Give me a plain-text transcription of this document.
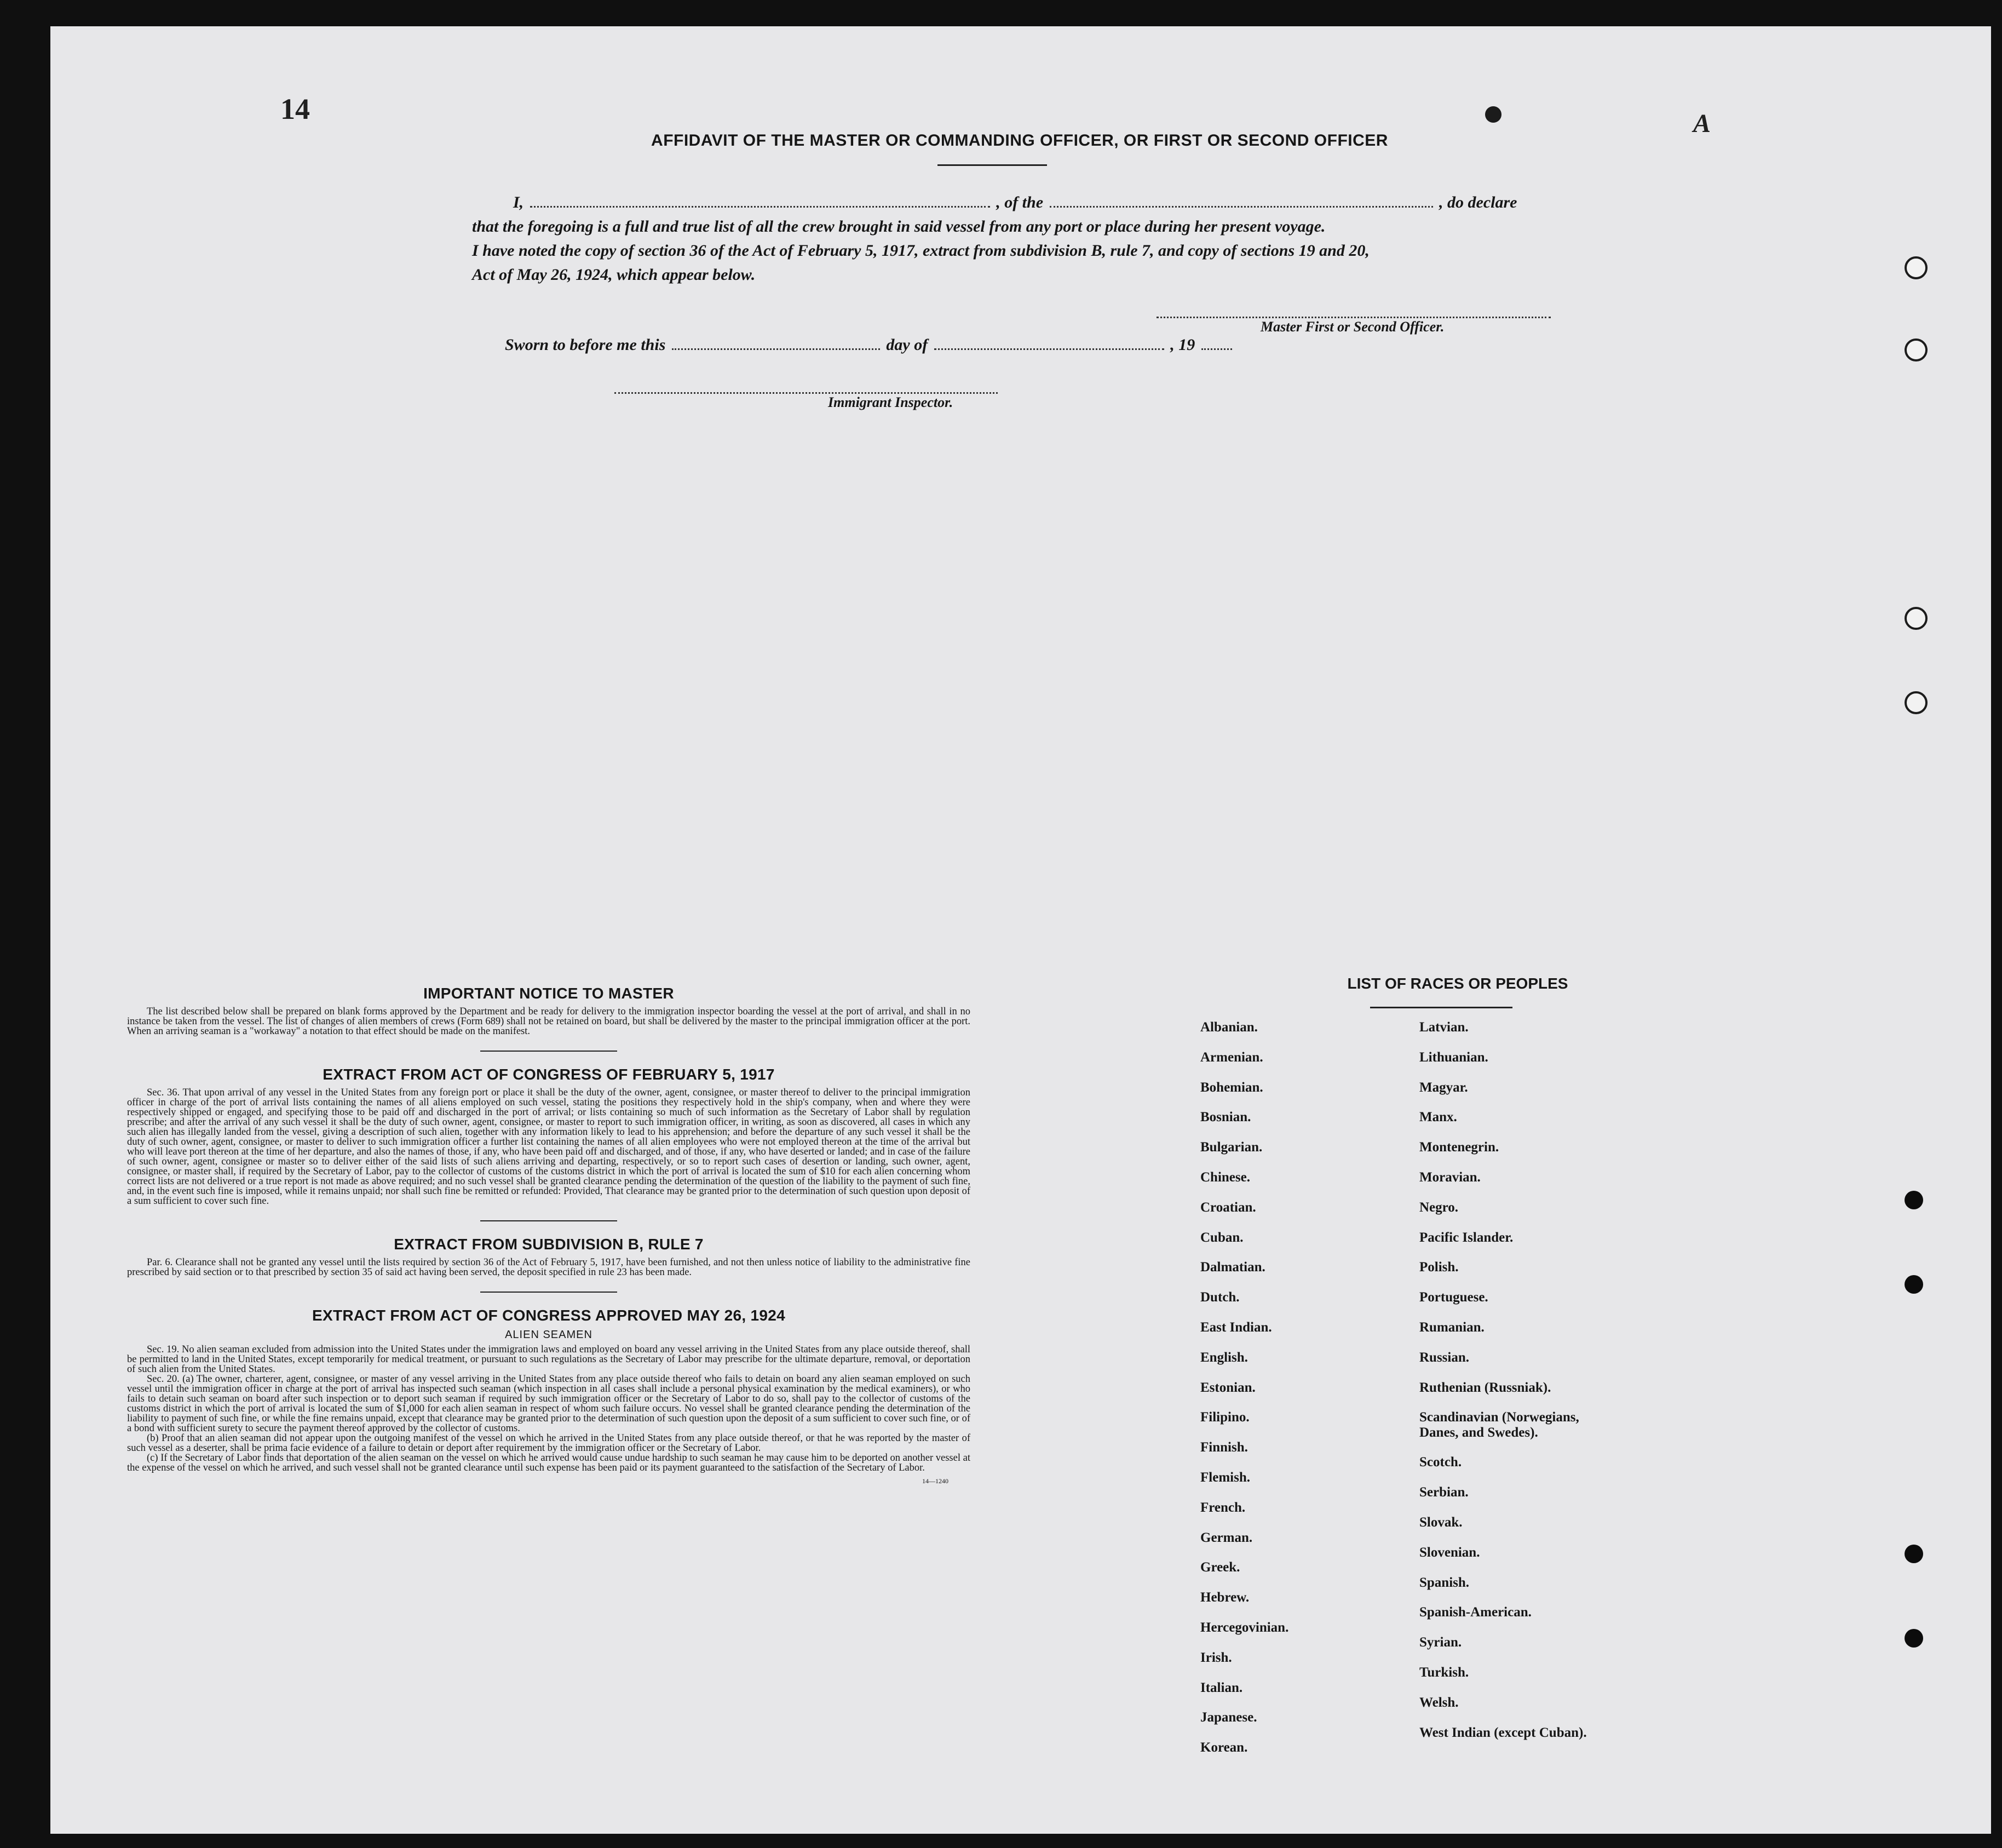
14	A
AFFIDAVIT OF THE MASTER OR COMMANDING OFFICER, OR FIRST OR SECOND OFFICER
I,	, of the	, do declare
that the foregoing is a full and true list of all the crew brought in said vessel from any port or place during her present voyage.
I have noted the copy of section 36 of the Act of February 5, 1917, extract from subdivision B, rule 7, and copy of sections 19 and 20,
Act of May 26, 1924, which appear below.
Master First or Second Officer.
Sworn to before me this	day of	, 19
Immigrant Inspector.
IMPORTANT NOTICE TO MASTER

The list described below shall be prepared on blank forms approved by the Department and be ready for delivery to the immigration inspector boarding the vessel at the port of arrival, and shall in no instance be taken from the vessel. The list of changes of alien members of crews (Form 689) shall not be retained on board, but shall be delivered by the master to the principal immigration officer at the port. When an arriving seaman is a "workaway" a notation to that effect should be made on the manifest.

EXTRACT FROM ACT OF CONGRESS OF FEBRUARY 5, 1917

Sec. 36. That upon arrival of any vessel in the United States from any foreign port or place it shall be the duty of the owner, agent, consignee, or master thereof to deliver to the principal immigration officer in charge of the port of arrival lists containing the names of all aliens employed on such vessel, stating the positions they respectively hold in the ship's company, when and where they were respectively shipped or engaged, and specifying those to be paid off and discharged in the port of arrival; or lists containing so much of such information as the Secretary of Labor shall by regulation prescribe; and after the arrival of any such vessel it shall be the duty of such owner, agent, consignee, or master to report to such immigration officer, in writing, as soon as discovered, all cases in which any such alien has illegally landed from the vessel, giving a description of such alien, together with any information likely to lead to his apprehension; and before the departure of any such vessel it shall be the duty of such owner, agent, consignee, or master to deliver to such immigration officer a further list containing the names of all alien employees who were not employed thereon at the time of the arrival but who will leave port thereon at the time of her departure, and also the names of those, if any, who have been paid off and discharged, and of those, if any, who have deserted or landed; and in case of the failure of such owner, agent, consignee or master so to deliver either of the said lists of such aliens arriving and departing, respectively, or so to report such cases of desertion or landing, such owner, agent, consignee, or master shall, if required by the Secretary of Labor, pay to the collector of customs of the customs district in which the port of arrival is located the sum of $10 for each alien concerning whom correct lists are not delivered or a true report is not made as above required; and no such vessel shall be granted clearance pending the determination of the question of the liability to the payment of such fine, and, in the event such fine is imposed, while it remains unpaid; nor shall such fine be remitted or refunded: Provided, That clearance may be granted prior to the determination of such question upon deposit of a sum sufficient to cover such fine.

EXTRACT FROM SUBDIVISION B, RULE 7

Par. 6. Clearance shall not be granted any vessel until the lists required by section 36 of the Act of February 5, 1917, have been furnished, and not then unless notice of liability to the administrative fine prescribed by said section or to that prescribed by section 35 of said act having been served, the deposit specified in rule 23 has been made.

EXTRACT FROM ACT OF CONGRESS APPROVED MAY 26, 1924
ALIEN SEAMEN

Sec. 19. No alien seaman excluded from admission into the United States under the immigration laws and employed on board any vessel arriving in the United States from any place outside thereof, shall be permitted to land in the United States, except temporarily for medical treatment, or pursuant to such regulations as the Secretary of Labor may prescribe for the ultimate departure, removal, or deportation of such alien from the United States.

Sec. 20. (a) The owner, charterer, agent, consignee, or master of any vessel arriving in the United States from any place outside thereof who fails to detain on board any alien seaman employed on such vessel until the immigration officer in charge at the port of arrival has inspected such seaman (which inspection in all cases shall include a personal physical examination by the medical examiners), or who fails to detain such seaman on board after such inspection or to deport such seaman if required by such immigration officer or the Secretary of Labor to do so, shall pay to the collector of customs of the customs district in which the port of arrival is located the sum of $1,000 for each alien seaman in respect of whom such failure occurs. No vessel shall be granted clearance pending the determination of the liability to payment of such fine, or while the fine remains unpaid, except that clearance may be granted prior to the determination of such question upon the deposit of a sum sufficient to cover such fine, or of a bond with sufficient surety to secure the payment thereof approved by the collector of customs.

(b) Proof that an alien seaman did not appear upon the outgoing manifest of the vessel on which he arrived in the United States from any place outside thereof, or that he was reported by the master of such vessel as a deserter, shall be prima facie evidence of a failure to detain or deport after requirement by the immigration officer or the Secretary of Labor.

(c) If the Secretary of Labor finds that deportation of the alien seaman on the vessel on which he arrived would cause undue hardship to such seaman he may cause him to be deported on another vessel at the expense of the vessel on which he arrived, and such vessel shall not be granted clearance until such expense has been paid or its payment guaranteed to the satisfaction of the Secretary of Labor.

14—1240
LIST OF RACES OR PEOPLES
Albanian.
Armenian.
Bohemian.
Bosnian.
Bulgarian.
Chinese.
Croatian.
Cuban.
Dalmatian.
Dutch.
East Indian.
English.
Estonian.
Filipino.
Finnish.
Flemish.
French.
German.
Greek.
Hebrew.
Hercegovinian.
Irish.
Italian.
Japanese.
Korean.
Latvian.
Lithuanian.
Magyar.
Manx.
Montenegrin.
Moravian.
Negro.
Pacific Islander.
Polish.
Portuguese.
Rumanian.
Russian.
Ruthenian (Russniak).
Scandinavian (Norwegians,
Danes, and Swedes).
Scotch.
Serbian.
Slovak.
Slovenian.
Spanish.
Spanish-American.
Syrian.
Turkish.
Welsh.
West Indian (except Cuban).
